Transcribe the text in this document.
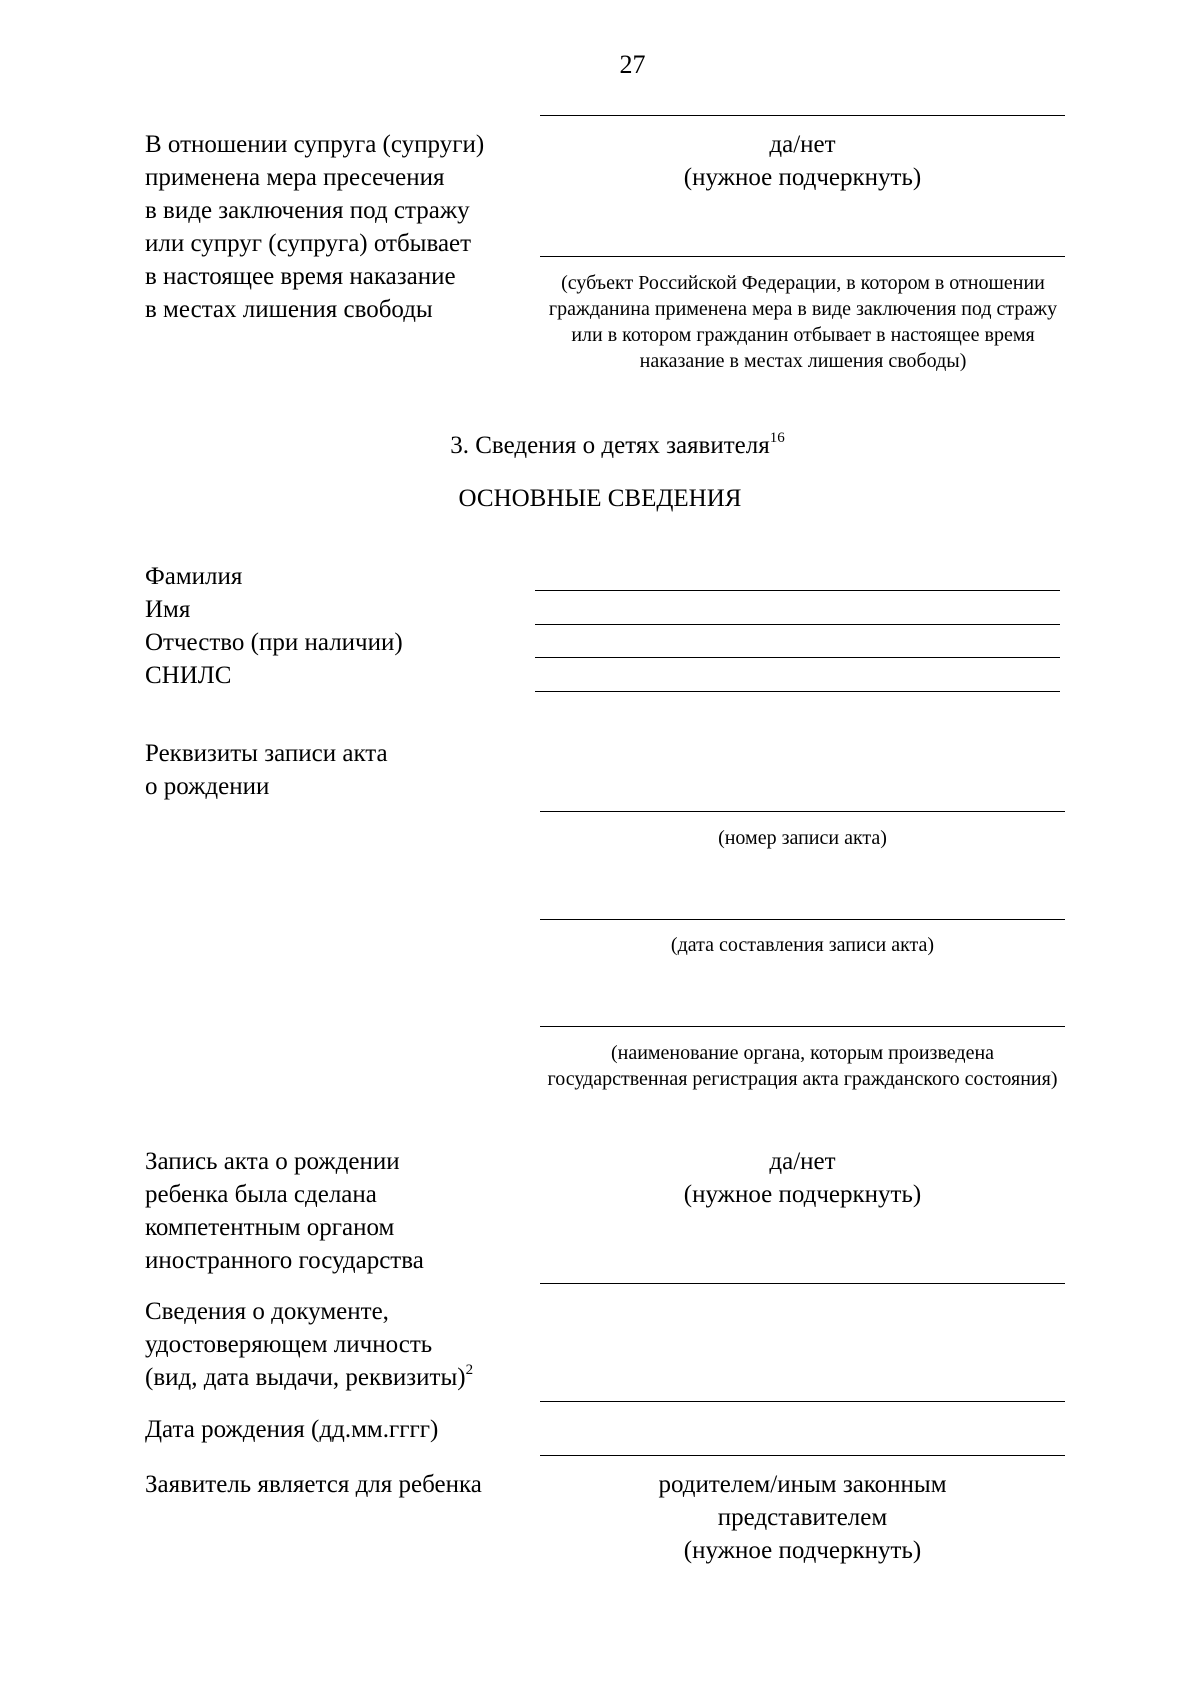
27
В отношении супруга (супруги)
применена мера пресечения
в виде заключения под стражу
или супруг (супруга) отбывает
в настоящее время наказание
в местах лишения свободы
да/нет
(нужное подчеркнуть)
(субъект Российской Федерации, в котором в отношении гражданина применена мера в виде заключения под стражу или в котором гражданин отбывает в настоящее время наказание в местах лишения свободы)
3. Сведения о детях заявителя$^{16}$
ОСНОВНЫЕ СВЕДЕНИЯ
Фамилия
Имя
Отчество (при наличии)
СНИЛС
Реквизиты записи акта
о рождении
(номер записи акта)
(дата составления записи акта)
(наименование органа, которым произведена государственная регистрация акта гражданского состояния)
Запись акта о рождении
ребенка была сделана
компетентным органом
иностранного государства
да/нет
(нужное подчеркнуть)
Сведения о документе,
удостоверяющем личность
(вид, дата выдачи, реквизиты)$^2$
Дата рождения (дд.мм.гггг)
Заявитель является для ребенка	родителем/иным законным
представителем
(нужное подчеркнуть)
